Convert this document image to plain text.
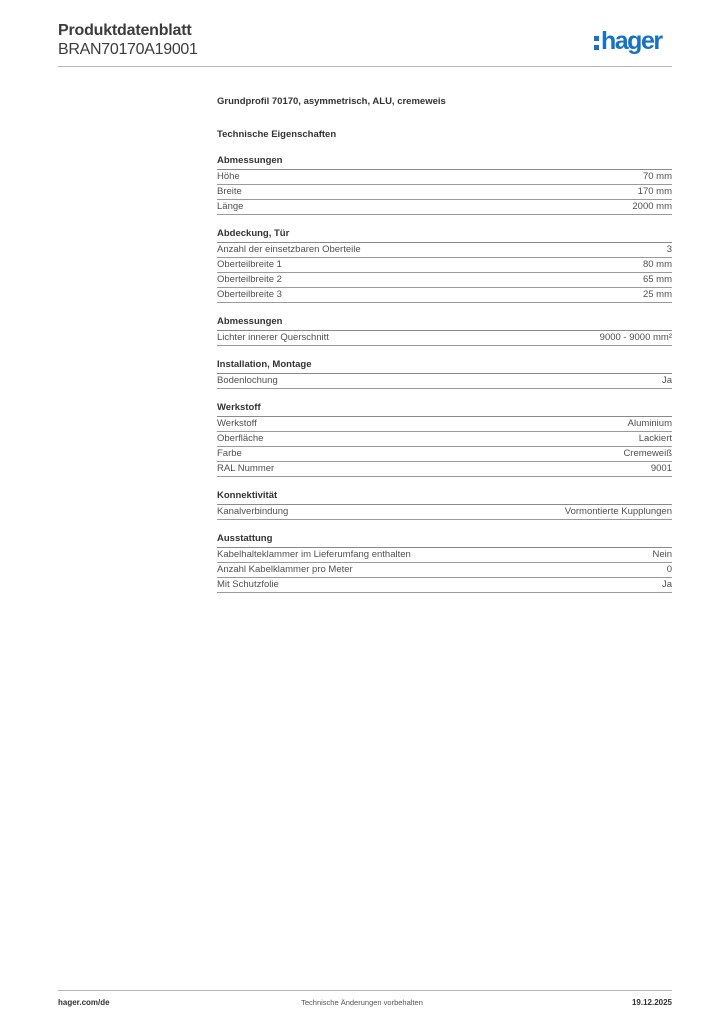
Produktdatenblatt
BRAN70170A19001	hager
Grundprofil 70170, asymmetrisch, ALU, cremeweis
Technische Eigenschaften
Abmessungen
Höhe	70 mm
Breite	170 mm
Länge	2000 mm
Abdeckung, Tür
Anzahl der einsetzbaren Oberteile	3
Oberteilbreite 1	80 mm
Oberteilbreite 2	65 mm
Oberteilbreite 3	25 mm
Abmessungen
Lichter innerer Querschnitt	9000 - 9000 mm²
Installation, Montage
Bodenlochung	Ja
Werkstoff
Werkstoff	Aluminium
Oberfläche	Lackiert
Farbe	Cremeweiß
RAL Nummer	9001
Konnektivität
Kanalverbindung	Vormontierte Kupplungen
Ausstattung
Kabelhalteklammer im Lieferumfang enthalten	Nein
Anzahl Kabelklammer pro Meter	0
Mit Schutzfolie	Ja
hager.com/de	Technische Änderungen vorbehalten	19.12.2025
